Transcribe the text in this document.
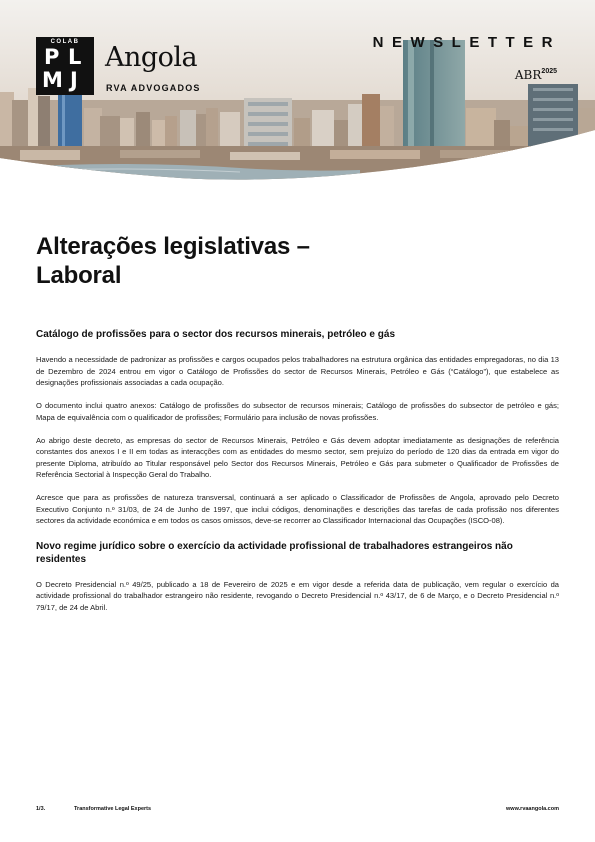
COLAB
P L
M J
Angola
RVA ADVOGADOS
NEWSLETTER
$ABR^{2025}$
Alterações legislativas –
Laboral
Catálogo de profissões para o sector dos recursos minerais, petróleo e gás

Havendo a necessidade de padronizar as profissões e cargos ocupados pelos trabalhadores na estrutura orgânica das entidades empregadoras, no dia 13 de Dezembro de 2024 entrou em vigor o Catálogo de Profissões do sector de Recursos Minerais, Petróleo e Gás (“Catálogo”), que estabelece as designações profissionais associadas a cada ocupação.

O documento inclui quatro anexos: Catálogo de profissões do subsector de recursos minerais; Catálogo de profissões do subsector de petróleo e gás; Mapa de equivalência com o qualificador de profissões; Formulário para inclusão de novas profissões.

Ao abrigo deste decreto, as empresas do sector de Recursos Minerais, Petróleo e Gás devem adoptar imediatamente as designações de referência constantes dos anexos I e II em todas as interacções com as entidades do mesmo sector, sem prejuízo do período de 120 dias da entrada em vigor do presente Diploma, atribuído ao Titular responsável pelo Sector dos Recursos Minerais, Petróleo e Gás para submeter o Qualificador de Profissões de Referência Sectorial à Inspecção Geral do Trabalho.

Acresce que para as profissões de natureza transversal, continuará a ser aplicado o Classificador de Profissões de Angola, aprovado pelo Decreto Executivo Conjunto n.º 31/03, de 24 de Junho de 1997, que inclui códigos, denominações e descrições das tarefas de cada profissão nos diferentes sectores da actividade económica e em todos os casos omissos, deve-se recorrer ao Classificador Internacional das Ocupações (ISCO-08).

Novo regime jurídico sobre o exercício da actividade profissional de trabalhadores estrangeiros não residentes

O Decreto Presidencial n.º 49/25, publicado a 18 de Fevereiro de 2025 e em vigor desde a referida data de publicação, vem regular o exercício da actividade profissional do trabalhador estrangeiro não residente, revogando o Decreto Presidencial n.º 43/17, de 6 de Março, e o Decreto Presidencial n.º 79/17, de 24 de Abril.

1/3.	Transformative Legal Experts	www.rvaangola.com
